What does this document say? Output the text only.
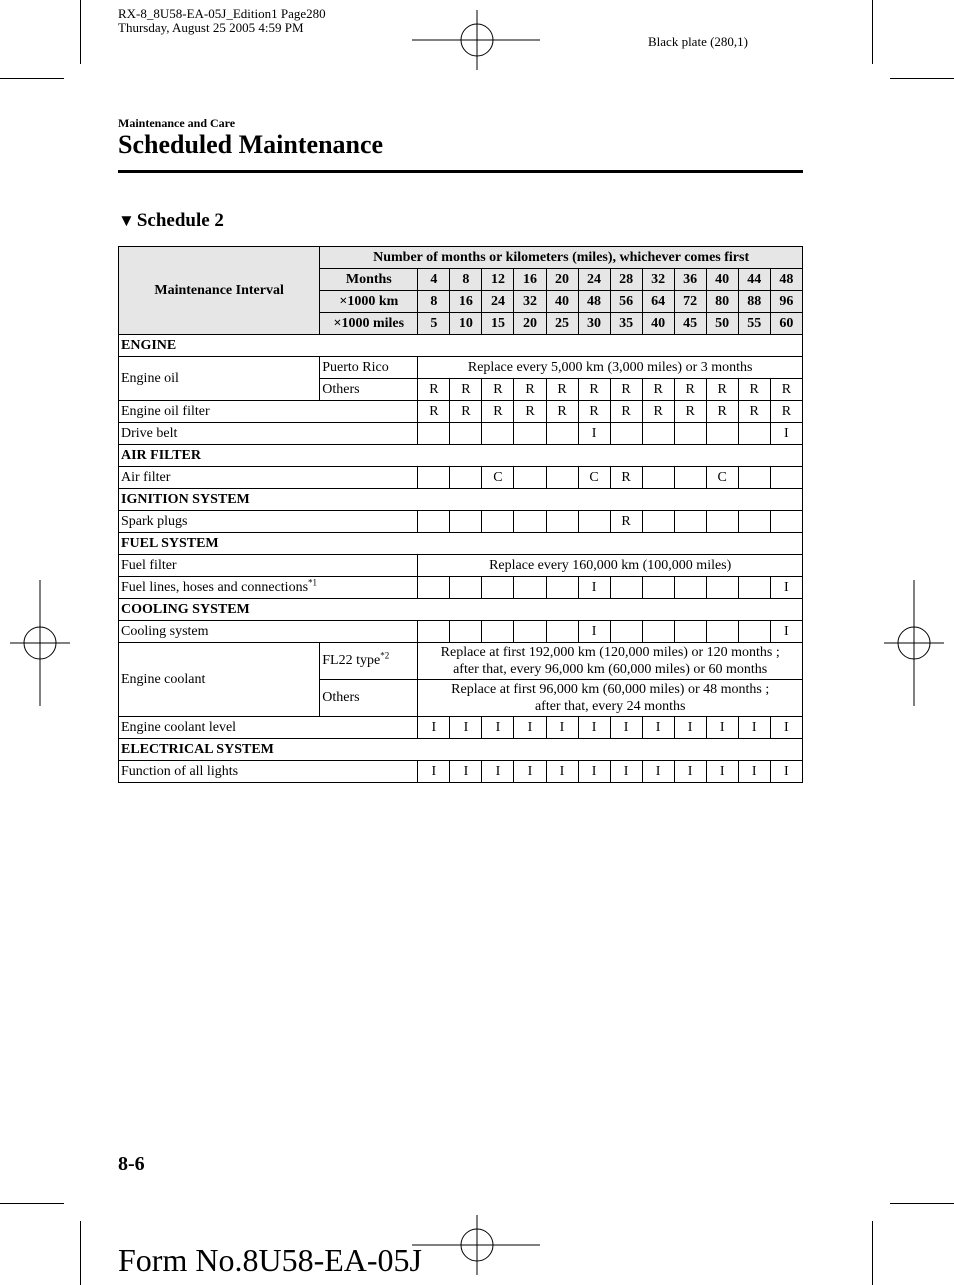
RX-8_8U58-EA-05J_Edition1 Page280
Thursday, August 25 2005 4:59 PM
Black plate (280,1)
Maintenance and Care
Scheduled Maintenance
▼ Schedule 2
Maintenance Interval	Number of months or kilometers (miles), whichever comes first												
	Months	4	8	12	16	20	24	28	32	36	40	44	48
	×1000 km	8	16	24	32	40	48	56	64	72	80	88	96
	×1000 miles	5	10	15	20	25	30	35	40	45	50	55	60
ENGINE													
Engine oil	Puerto Rico	Replace every 5,000 km (3,000 miles) or 3 months											
	Others	R	R	R	R	R	R	R	R	R	R	R	R
Engine oil filter		R	R	R	R	R	R	R	R	R	R	R	R
Drive belt							I						I
AIR FILTER													
Air filter				C			C	R			C		
IGNITION SYSTEM													
Spark plugs								R					
FUEL SYSTEM													
Fuel filter		Replace every 160,000 km (100,000 miles)											
Fuel lines, hoses and connections$^{*1}$							I						I
COOLING SYSTEM													
Cooling system							I						I
Engine coolant	FL22 type$^{*2}$	Replace at first 192,000 km (120,000 miles) or 120 months ;
after that, every 96,000 km (60,000 miles) or 60 months											

	Others	Replace at first 96,000 km (60,000 miles) or 48 months ;
after that, every 24 months											

Engine coolant level		I	I	I	I	I	I	I	I	I	I	I	I
ELECTRICAL SYSTEM													
Function of all lights		I	I	I	I	I	I	I	I	I	I	I	I
8-6
Form No.8U58-EA-05J
